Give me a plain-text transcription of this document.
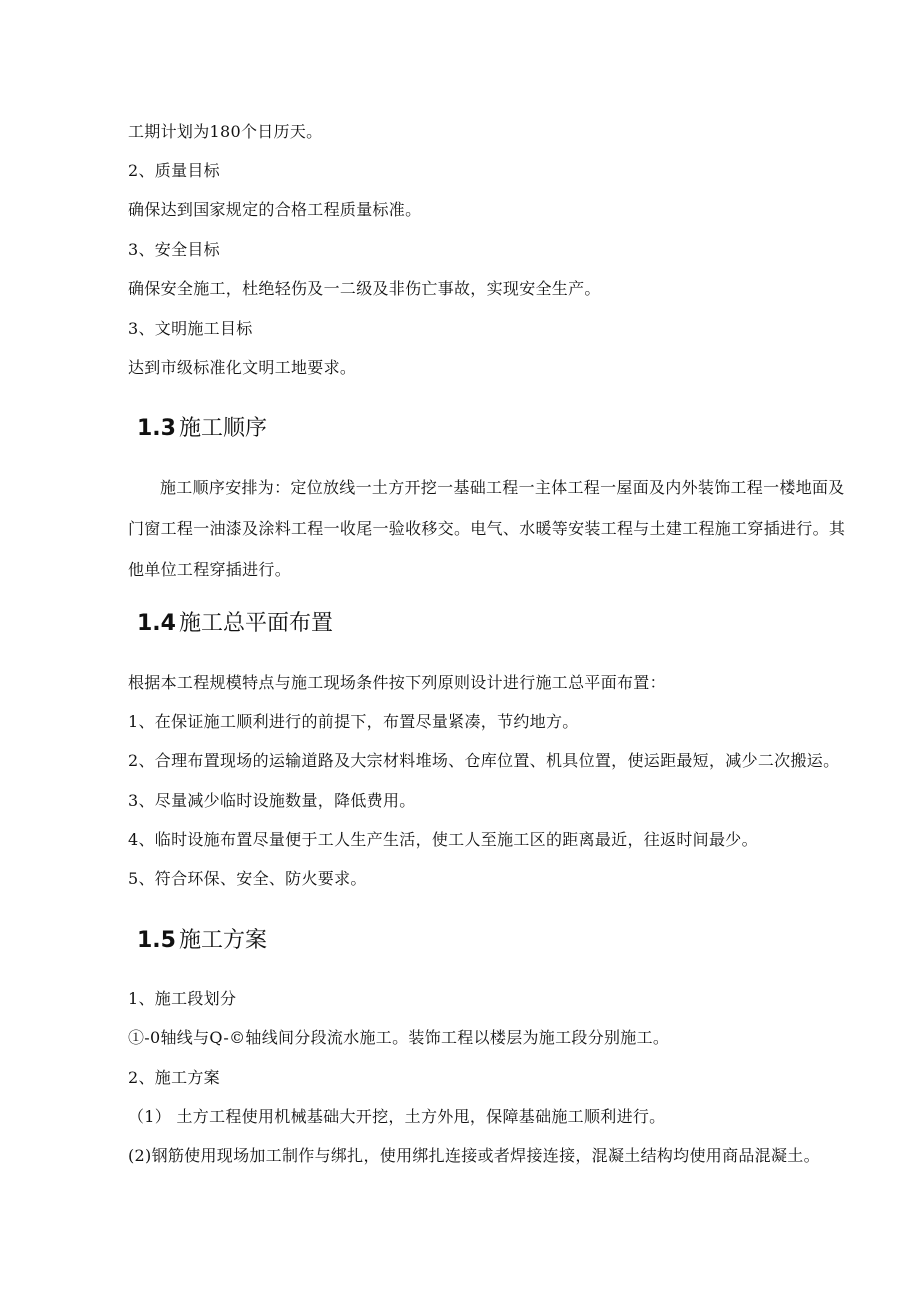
工期计划为180个日历天。
2、质量目标
确保达到国家规定的合格工程质量标准。
3、安全目标
确保安全施工，杜绝轻伤及一二级及非伤亡事故，实现安全生产。
3、文明施工目标
达到市级标准化文明工地要求。
1.3 施工顺序
施工顺序安排为：定位放线一土方开挖一基础工程一主体工程一屋面及内外装饰工程一楼地面及门窗工程一油漆及涂料工程一收尾一验收移交。电气、水暖等安装工程与土建工程施工穿插进行。其他单位工程穿插进行。
1.4 施工总平面布置
根据本工程规模特点与施工现场条件按下列原则设计进行施工总平面布置：
1、在保证施工顺利进行的前提下，布置尽量紧凑，节约地方。
2、合理布置现场的运输道路及大宗材料堆场、仓库位置、机具位置，使运距最短，减少二次搬运。
3、尽量减少临时设施数量，降低费用。
4、临时设施布置尽量便于工人生产生活，使工人至施工区的距离最近，往返时间最少。
5、符合环保、安全、防火要求。
1.5 施工方案
1、施工段划分
①-0轴线与Q-©轴线间分段流水施工。装饰工程以楼层为施工段分别施工。
2、施工方案
（1） 土方工程使用机械基础大开挖，土方外甩，保障基础施工顺利进行。
(2)钢筋使用现场加工制作与绑扎，使用绑扎连接或者焊接连接，混凝土结构均使用商品混凝土。
